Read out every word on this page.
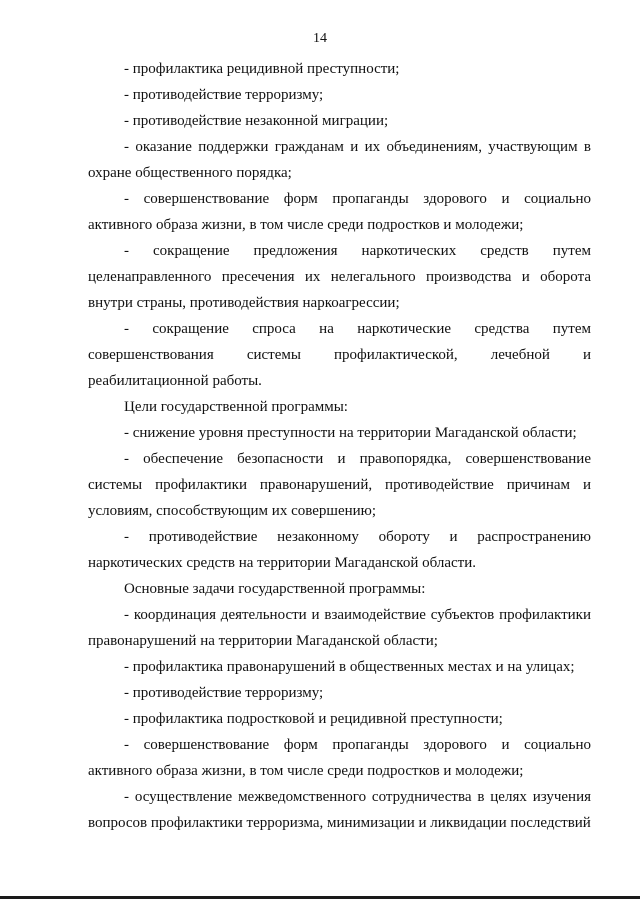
14

- профилактика рецидивной преступности;

- противодействие терроризму;

- противодействие незаконной миграции;

- оказание поддержки гражданам и их объединениям, участвующим в охране общественного порядка;

- совершенствование форм пропаганды здорового и социально активного образа жизни, в том числе среди подростков и молодежи;

- сокращение предложения наркотических средств путем целенаправленного пресечения их нелегального производства и оборота внутри страны, противодействия наркоагрессии;

- сокращение спроса на наркотические средства путем совершенствования системы профилактической, лечебной и реабилитационной работы.

Цели государственной программы:

- снижение уровня преступности на территории Магаданской области;

- обеспечение безопасности и правопорядка, совершенствование системы профилактики правонарушений, противодействие причинам и условиям, способствующим их совершению;

- противодействие незаконному обороту и распространению наркотических средств на территории Магаданской области.

Основные задачи государственной программы:

- координация деятельности и взаимодействие субъектов профилактики правонарушений на территории Магаданской области;

- профилактика правонарушений в общественных местах и на улицах;

- противодействие терроризму;

- профилактика подростковой и рецидивной преступности;

- совершенствование форм пропаганды здорового и социально активного образа жизни, в том числе среди подростков и молодежи;

- осуществление межведомственного сотрудничества в целях изучения вопросов профилактики терроризма, минимизации и ликвидации последствий
